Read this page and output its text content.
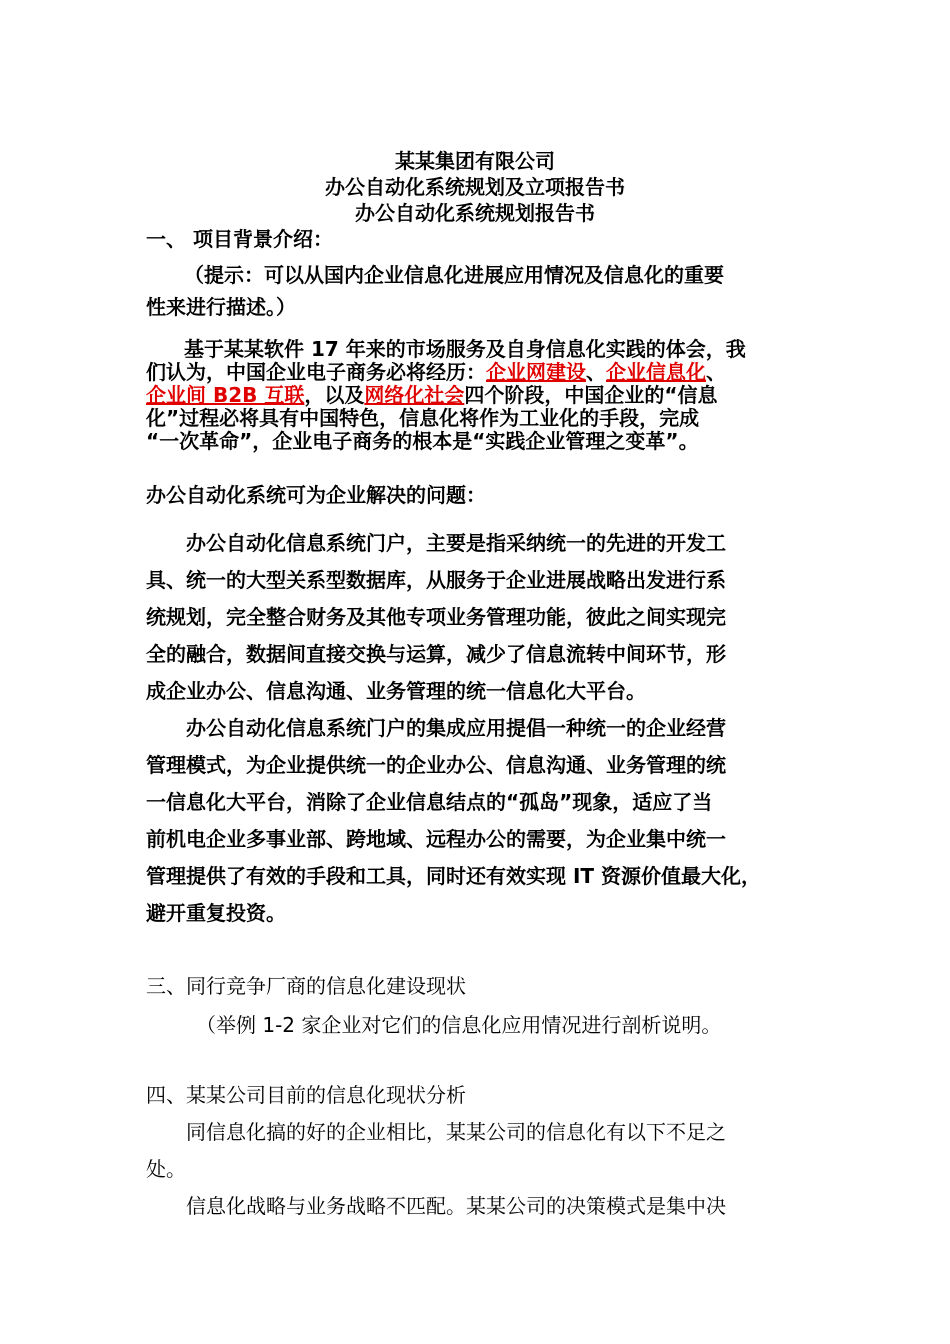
某某集团有限公司
办公自动化系统规划及立项报告书
办公自动化系统规划报告书
一、 项目背景介绍：
（提示：可以从国内企业信息化进展应用情况及信息化的重要
性来进行描述。）
基于某某软件 17 年来的市场服务及自身信息化实践的体会，我
们认为，中国企业电子商务必将经历：企业网建设、企业信息化、
企业间 B2B 互联，以及网络化社会四个阶段，中国企业的“信息
化”过程必将具有中国特色，信息化将作为工业化的手段，完成
“一次革命”，企业电子商务的根本是“实践企业管理之变革”。
办公自动化系统可为企业解决的问题：
办公自动化信息系统门户，主要是指采纳统一的先进的开发工
具、统一的大型关系型数据库，从服务于企业进展战略出发进行系
统规划，完全整合财务及其他专项业务管理功能，彼此之间实现完
全的融合，数据间直接交换与运算，减少了信息流转中间环节，形
成企业办公、信息沟通、业务管理的统一信息化大平台。
办公自动化信息系统门户的集成应用提倡一种统一的企业经营
管理模式，为企业提供统一的企业办公、信息沟通、业务管理的统
一信息化大平台，消除了企业信息结点的“孤岛”现象，适应了当
前机电企业多事业部、跨地域、远程办公的需要，为企业集中统一
管理提供了有效的手段和工具，同时还有效实现 IT 资源价值最大化，
避开重复投资。
三、同行竞争厂商的信息化建设现状
（举例 1-2 家企业对它们的信息化应用情况进行剖析说明。
四、某某公司目前的信息化现状分析
同信息化搞的好的企业相比，某某公司的信息化有以下不足之
处。
信息化战略与业务战略不匹配。某某公司的决策模式是集中决
